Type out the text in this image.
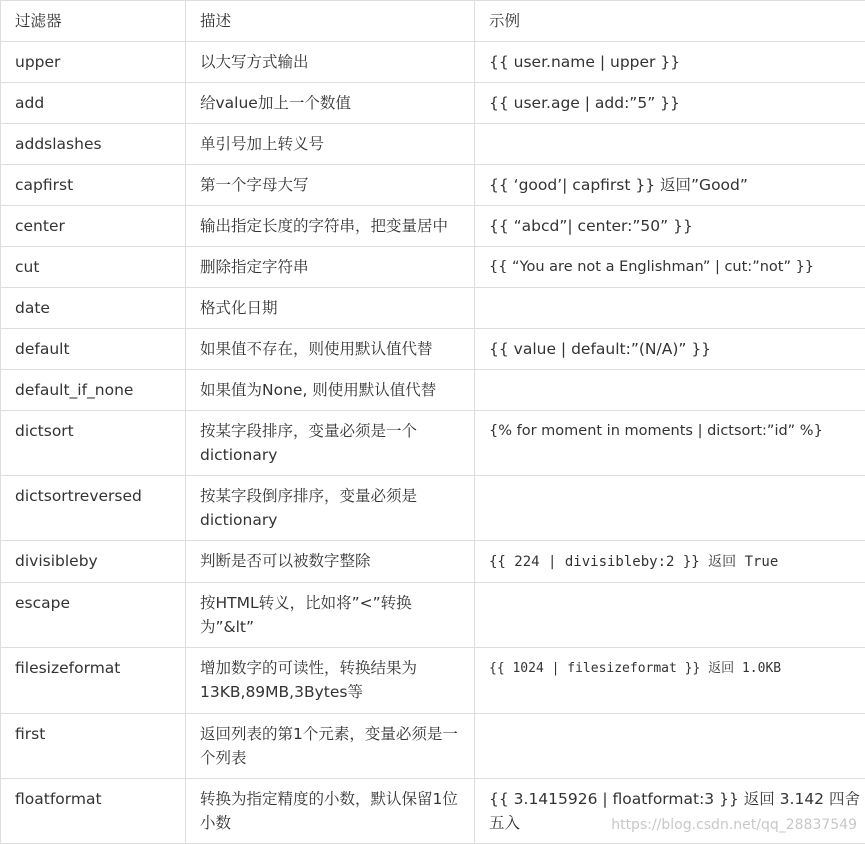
过滤器	描述	示例
upper	以大写方式输出	{{ user.name | upper }}
add	给value加上一个数值	{{ user.age | add:”5” }}
addslashes	单引号加上转义号	
capfirst	第一个字母大写	{{ ‘good’| capfirst }} 返回”Good”
center	输出指定长度的字符串，把变量居中	{{ “abcd”| center:”50” }}
cut	删除指定字符串	{{ “You are not a Englishman” | cut:”not” }}
date	格式化日期	
default	如果值不存在，则使用默认值代替	{{ value | default:”(N/A)” }}
default_if_none	如果值为None, 则使用默认值代替	
dictsort	按某字段排序，变量必须是一个dictionary	{% for moment in moments | dictsort:”id” %}
dictsortreversed	按某字段倒序排序，变量必须是dictionary	
divisibleby	判断是否可以被数字整除	{{ 224 | divisibleby:2 }} 返回 True
escape	按HTML转义，比如将”<”转换为”&lt”	
filesizeformat	增加数字的可读性，转换结果为13KB,89MB,3Bytes等	{{ 1024 | filesizeformat }} 返回 1.0KB
first	返回列表的第1个元素，变量必须是一个列表	
floatformat	转换为指定精度的小数，默认保留1位小数	{{ 3.1415926 | floatformat:3 }} 返回 3.142 四舍五入	https://blog.csdn.net/qq_28837549
